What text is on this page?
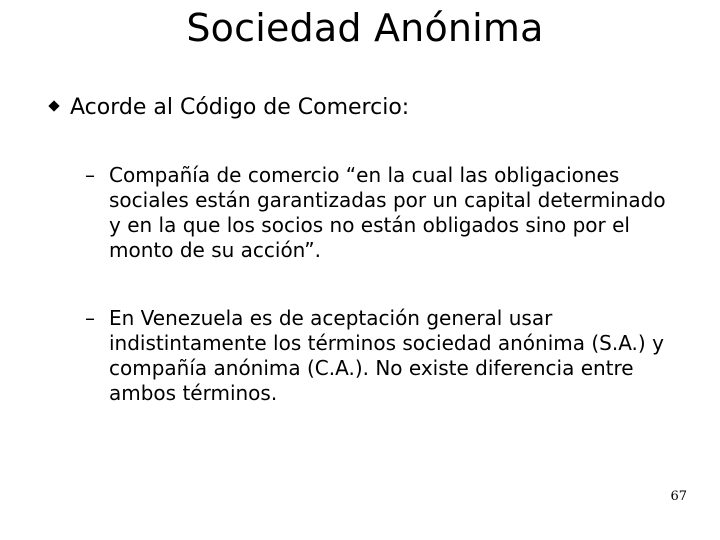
Sociedad Anónima
Acorde al Código de Comercio:
– Compañía de comercio “en la cual las obligaciones
sociales están garantizadas por un capital determinado
y en la que los socios no están obligados sino por el
monto de su acción”.
– En Venezuela es de aceptación general usar
indistintamente los términos sociedad anónima (S.A.) y
compañía anónima (C.A.). No existe diferencia entre
ambos términos.
67
